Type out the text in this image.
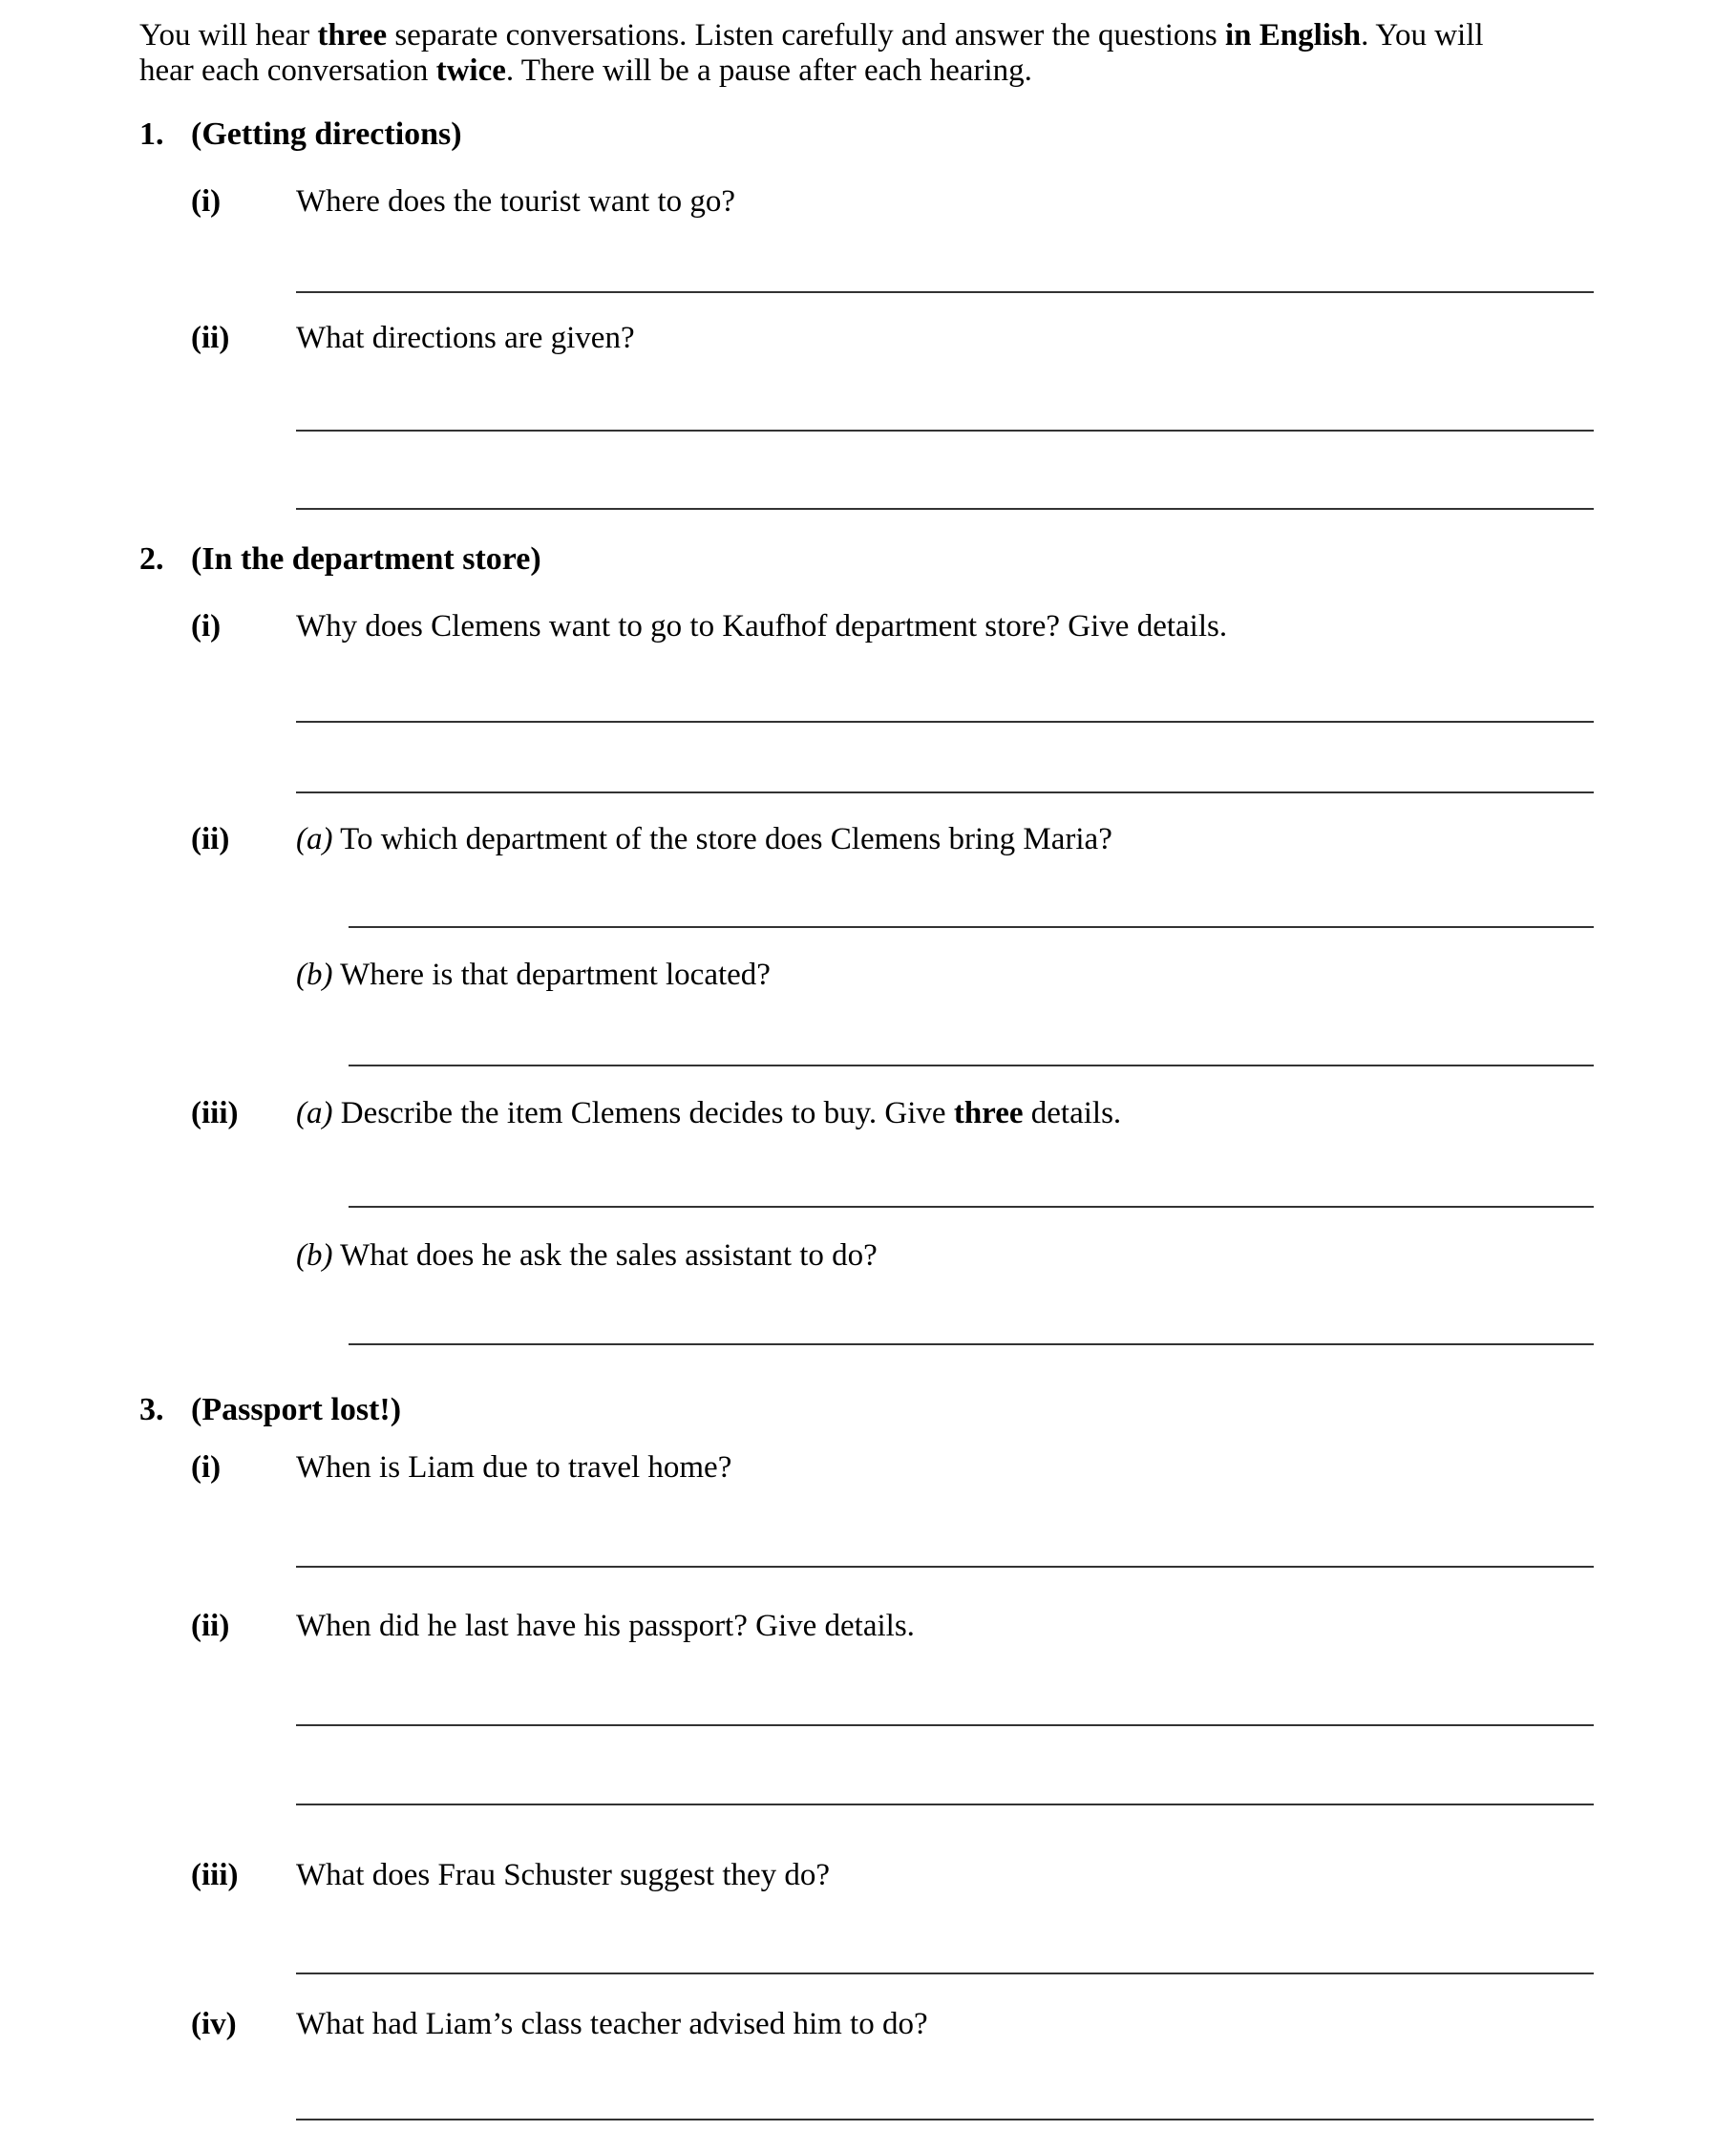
You will hear three separate conversations. Listen carefully and answer the questions in English. You will
hear each conversation twice. There will be a pause after each hearing.
1. (Getting directions)
(i) Where does the tourist want to go?
(ii) What directions are given?
2. (In the department store)
(i) Why does Clemens want to go to Kaufhof department store? Give details.
(ii) (a) To which department of the store does Clemens bring Maria?
(b) Where is that department located?
(iii) (a) Describe the item Clemens decides to buy. Give three details.
(b) What does he ask the sales assistant to do?
3. (Passport lost!)
(i) When is Liam due to travel home?
(ii) When did he last have his passport? Give details.
(iii) What does Frau Schuster suggest they do?
(iv) What had Liam’s class teacher advised him to do?
